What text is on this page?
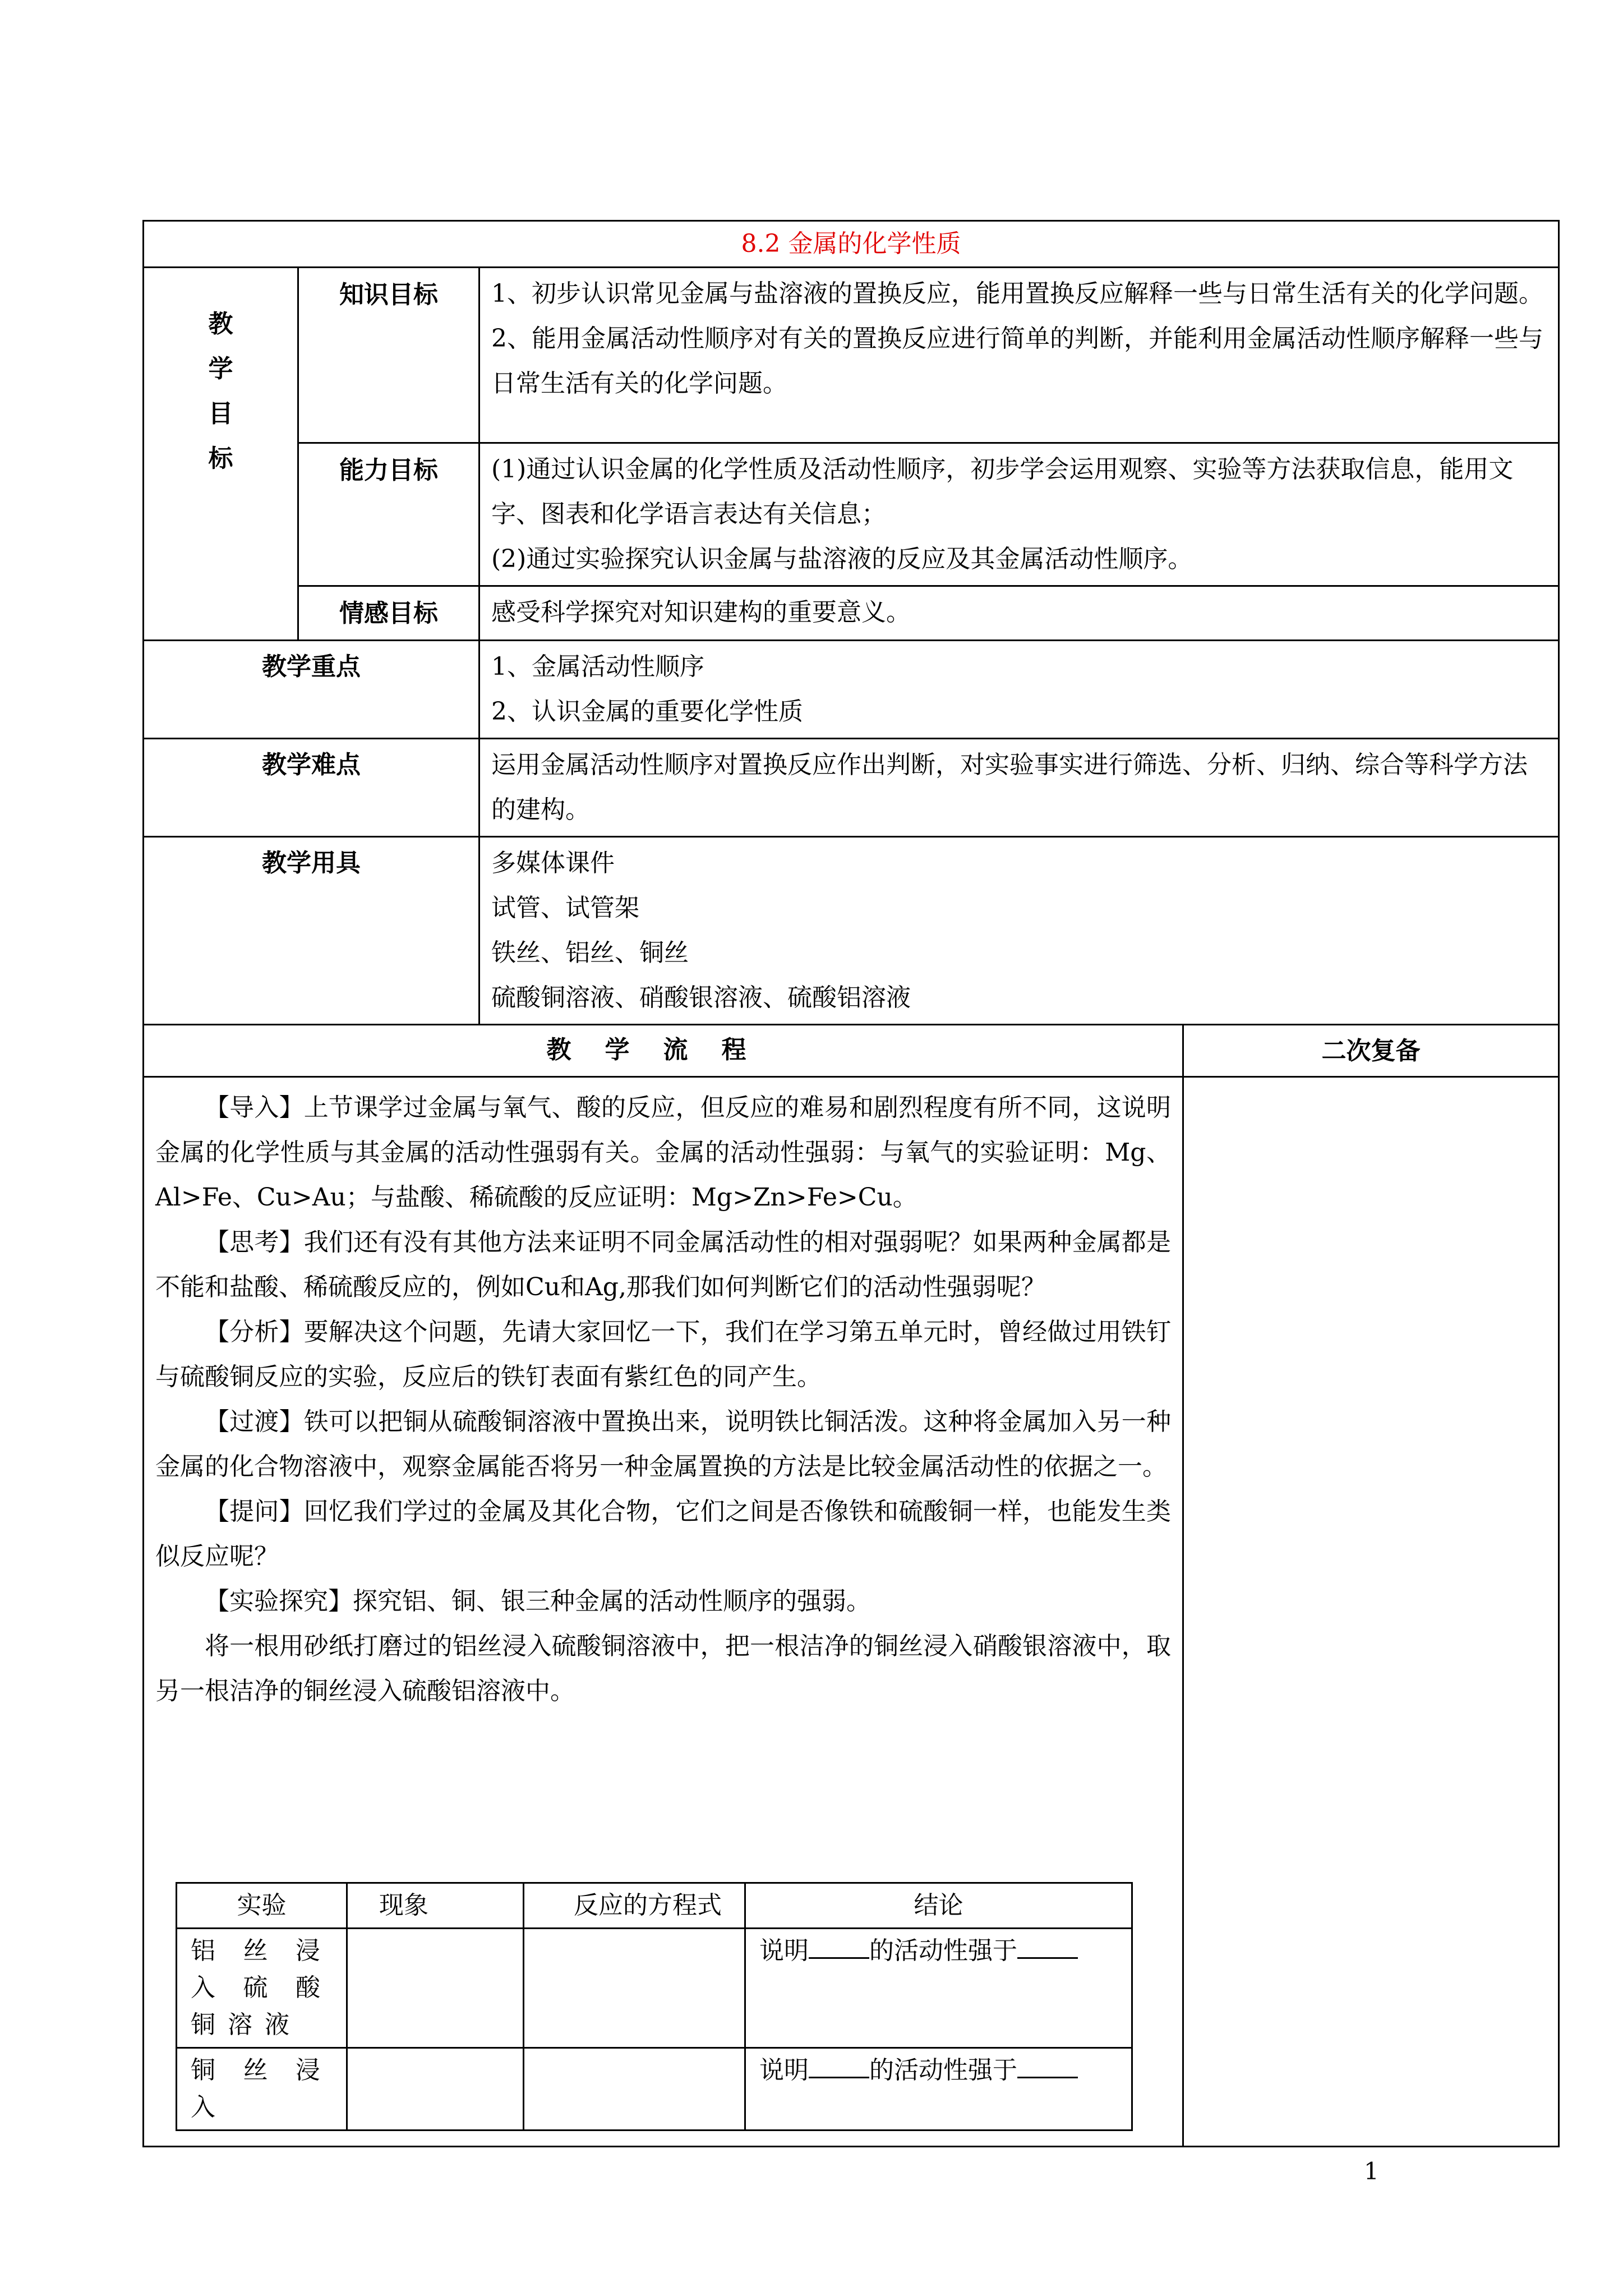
8.2 金属的化学性质

教
学
目
标
	知识目标	1、初步认识常见金属与盐溶液的置换反应，能用置换反应解释一些与日常生活有关的化学问题。
2、能用金属活动性顺序对有关的置换反应进行简单的判断，并能利用金属活动性顺序解释一些与日常生活有关的化学问题。

能力目标	(1)通过认识金属的化学性质及活动性顺序，初步学会运用观察、实验等方法获取信息，能用文字、图表和化学语言表达有关信息；
(2)通过实验探究认识金属与盐溶液的反应及其金属活动性顺序。

情感目标	感受科学探究对知识建构的重要意义。

教学重点	1、金属活动性顺序
2、认识金属的重要化学性质

教学难点	运用金属活动性顺序对置换反应作出判断，对实验事实进行筛选、分析、归纳、综合等科学方法的建构。

教学用具	多媒体课件
试管、试管架
铁丝、铝丝、铜丝
硫酸铜溶液、硝酸银溶液、硫酸铝溶液

教学流程	二次复备

【导入】上节课学过金属与氧气、酸的反应，但反应的难易和剧烈程度有所不同，这说明金属的化学性质与其金属的活动性强弱有关。金属的活动性强弱：与氧气的实验证明：Mg、Al>Fe、Cu>Au；与盐酸、稀硫酸的反应证明：Mg>Zn>Fe>Cu。
【思考】我们还有没有其他方法来证明不同金属活动性的相对强弱呢？如果两种金属都是不能和盐酸、稀硫酸反应的，例如Cu和Ag,那我们如何判断它们的活动性强弱呢？
【分析】要解决这个问题，先请大家回忆一下，我们在学习第五单元时，曾经做过用铁钉与硫酸铜反应的实验，反应后的铁钉表面有紫红色的同产生。
【过渡】铁可以把铜从硫酸铜溶液中置换出来，说明铁比铜活泼。这种将金属加入另一种金属的化合物溶液中，观察金属能否将另一种金属置换的方法是比较金属活动性的依据之一。
【提问】回忆我们学过的金属及其化合物，它们之间是否像铁和硫酸铜一样，也能发生类似反应呢？
【实验探究】探究铝、铜、银三种金属的活动性顺序的强弱。
将一根用砂纸打磨过的铝丝浸入硫酸铜溶液中，把一根洁净的铜丝浸入硝酸银溶液中，取另一根洁净的铜丝浸入硫酸铝溶液中。
实验	现象	反应的方程式	结论
铝丝浸入硫酸铜溶液			说明 的活动性强于
铜丝浸入			说明 的活动性强于

1
